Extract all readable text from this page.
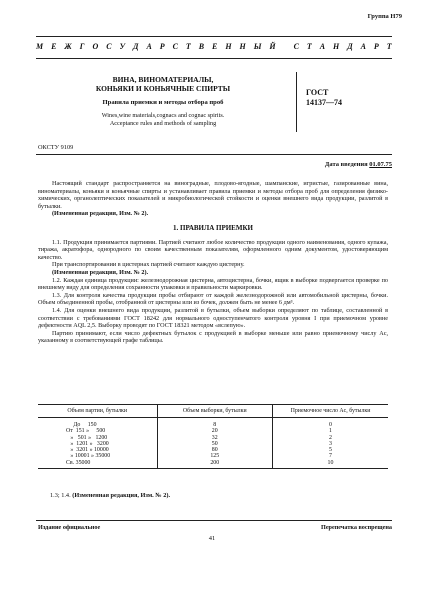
Группа Н79
М Е Ж Г О С У Д А Р С Т В Е Н Н Ы Й
С Т А Н Д А Р Т
ВИНА, ВИНОМАТЕРИАЛЫ,
КОНЬЯКИ И КОНЬЯЧНЫЕ СПИРТЫ
Правила приемки и методы отбора проб
Wines,wine materials,cognacs and cognac spirits.
Acceptance rules and methods of sampling
ГОСТ
14137—74
ОКСТУ 9109
Дата введения 01.07.75

Настоящий стандарт распространяется на виноградные, плодово-ягодные, шампанские, игристые, газированные вина, виноматериалы, коньяки и коньячные спирты и устанавливает правила приемки и методы отбора проб для определения физико-химических, органолептических показателей и микробиологической стойкости и оценки внешнего вида продукции, разлитой в бутылки.

(Измененная редакция, Изм. № 2).

1. ПРАВИЛА ПРИЕМКИ

1.1. Продукция принимается партиями. Партией считают любое количество продукции одного наименования, одного купажа, тиража, акратофора, однородного по своим качественным показателям, оформленного одним документом, удостоверяющим качество.

При транспортировании в цистернах партией считают каждую цистерну.

(Измененная редакция, Изм. № 2).

1.2. Каждая единица продукции: железнодорожная цистерна, автоцистерна, бочки, ящик в выборке подвергается проверке по внешнему виду для определения сохранности упаковки и правильности маркировки.

1.3. Для контроля качества продукции пробы отбирают от каждой железнодорожной или автомобильной цистерны, бочки. Объем объединенной пробы, отобранной от цистерны или из бочек, должен быть не менее 6 дм³.

1.4. Для оценки внешнего вида продукции, разлитой в бутылки, объем выборки определяют по таблице, составленной в соответствии с требованиями ГОСТ 18242 для нормального одноступенчатого контроля уровня I при приемочном уровне дефектности AQL 2,5. Выборку проводят по ГОСТ 18321 методом «вслепую».

Партию принимают, если число дефектных бутылок с продукцией в выборке меньше или равно приемочному числу Ac, указанному в соответствующей графе таблицы.

Объем партии, бутылки	Объем выборки, бутылки	Приемочное число Ac, бутылки
До     150	8	0
От  151 »     500	20	1
»   501 »   1200	32	2
»  1201 »   3200	50	3
»  3201 » 10000	80	5
» 10001 » 35000	125	7
Св. 35000	200	10
1.3; 1.4. (Измененная редакция, Изм. № 2).
Издание официальное	Перепечатка воспрещена
41
